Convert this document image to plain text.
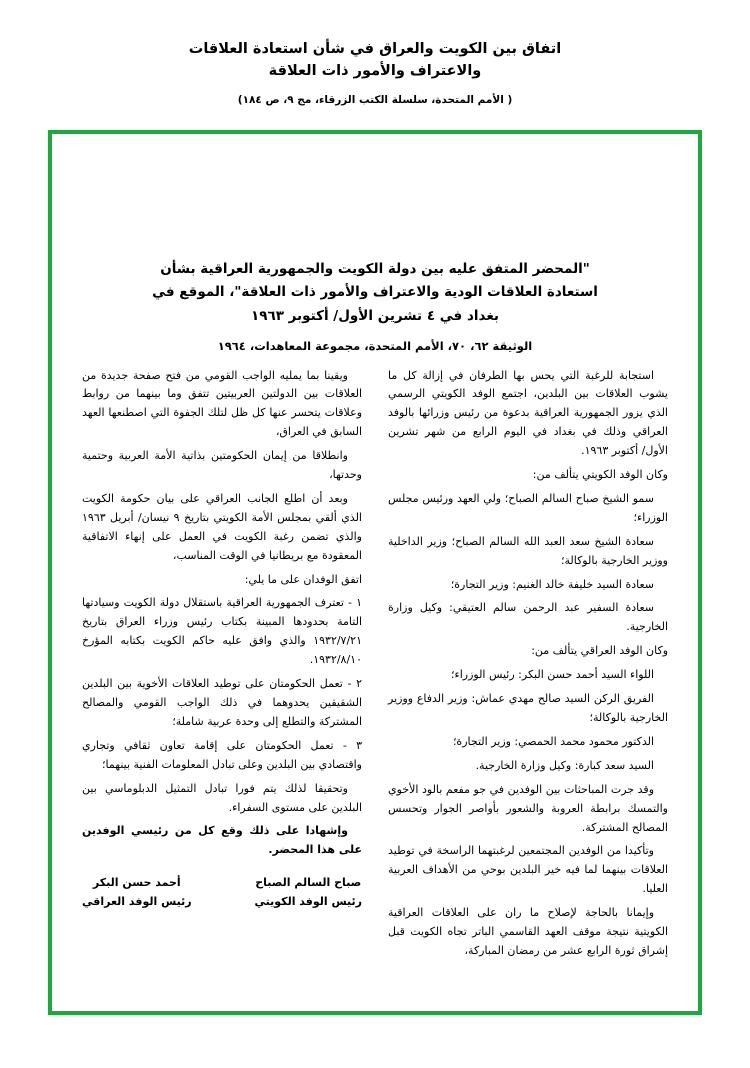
اتفاق بين الكويت والعراق في شأن استعادة العلاقات
والاعتراف والأمور ذات العلاقة
( الأمم المتحدة، سلسلة الكتب الزرقاء، مج ٩، ص ١٨٤)
"المحضر المتفق عليه بين دولة الكويت والجمهورية العراقية بشأن
استعادة العلاقات الودية والاعتراف والأمور ذات العلاقة"، الموقع في
بغداد في ٤ تشرين الأول/ أكتوبر ١٩٦٣
الوثيقة ٦٢، ٧٠، الأمم المتحدة، مجموعة المعاهدات، ١٩٦٤

استجابة للرغبة التي يحس بها الطرفان في إزالة كل ما يشوب العلاقات بين البلدين، اجتمع الوفد الكويتي الرسمي الذي يزور الجمهورية العراقية بدعوة من رئيس وزرائها بالوفد العراقي وذلك في بغداد في اليوم الرابع من شهر تشرين الأول/ أكتوبر ١٩٦٣.

وكان الوفد الكويتي يتألف من:

سمو الشيخ صباح السالم الصباح؛ ولي العهد ورئيس مجلس الوزراء؛

سعادة الشيخ سعد العبد الله السالم الصباح؛ وزير الداخلية ووزير الخارجية بالوكالة؛

سعادة السيد خليفة خالد الغنيم: وزير التجارة؛

سعادة السفير عبد الرحمن سالم العتيقي: وكيل وزارة الخارجية.

وكان الوفد العراقي يتألف من:

اللواء السيد أحمد حسن البكر: رئيس الوزراء؛

الفريق الركن السيد صالح مهدي عماش: وزير الدفاع ووزير الخارجية بالوكالة؛

الدكتور محمود محمد الحمصي: وزير التجارة؛

السيد سعد كبارة: وكيل وزارة الخارجية.

وقد جرت المباحثات بين الوفدين في جو مفعم بالود الأخوي والتمسك برابطة العروبة والشعور بأواصر الجوار وتحسس المصالح المشتركة.

وتأكيدا من الوفدين المجتمعين لرغبتهما الراسخة في توطيد العلاقات بينهما لما فيه خير البلدين بوحي من الأهداف العربية العليا.

وإيمانا بالحاجة لإصلاح ما ران على العلاقات العراقية الكويتية نتيجة موقف العهد القاسمي الباتر تجاه الكويت قبل إشراق ثورة الرابع عشر من رمضان المباركة،

ويقينا بما يمليه الواجب القومي من فتح صفحة جديدة من العلاقات بين الدولتين العربيتين تتفق وما بينهما من روابط وعلاقات يتحسر عنها كل ظل لتلك الجفوة التي اصطنعها العهد السابق في العراق،

وانطلاقا من إيمان الحكومتين بذاتية الأمة العربية وحتمية وحدتها،

وبعد أن اطلع الجانب العراقي على بيان حكومة الكويت الذي ألقي بمجلس الأمة الكويتي بتاريخ ٩ نيسان/ أبريل ١٩٦٣ والذي تضمن رغبة الكويت في العمل على إنهاء الاتفاقية المعقودة مع بريطانيا في الوقت المناسب،

اتفق الوفدان على ما يلي:

١ - تعترف الجمهورية العراقية باستقلال دولة الكويت وسيادتها التامة بحدودها المبينة بكتاب رئيس وزراء العراق بتاريخ ١٩٣٢/٧/٢١ والذي وافق عليه حاكم الكويت بكتابه المؤرخ ١٩٣٢/٨/١٠.

٢ - تعمل الحكومتان على توطيد العلاقات الأخوية بين البلدين الشقيقين يحدوهما في ذلك الواجب القومي والمصالح المشتركة والتطلع إلى وحدة عربية شاملة؛

٣ - تعمل الحكومتان على إقامة تعاون ثقافي وتجاري واقتصادي بين البلدين وعلى تبادل المعلومات الفنية بينهما؛

وتحقيقا لذلك يتم فورا تبادل التمثيل الدبلوماسي بين البلدين على مستوى السفراء.

وإشهادا على ذلك وقع كل من رئيسي الوفدين على هذا المحضر.

صباح السالم الصباح
رئيس الوفد الكويتي
أحمد حسن البكر
رئيس الوفد العراقي
